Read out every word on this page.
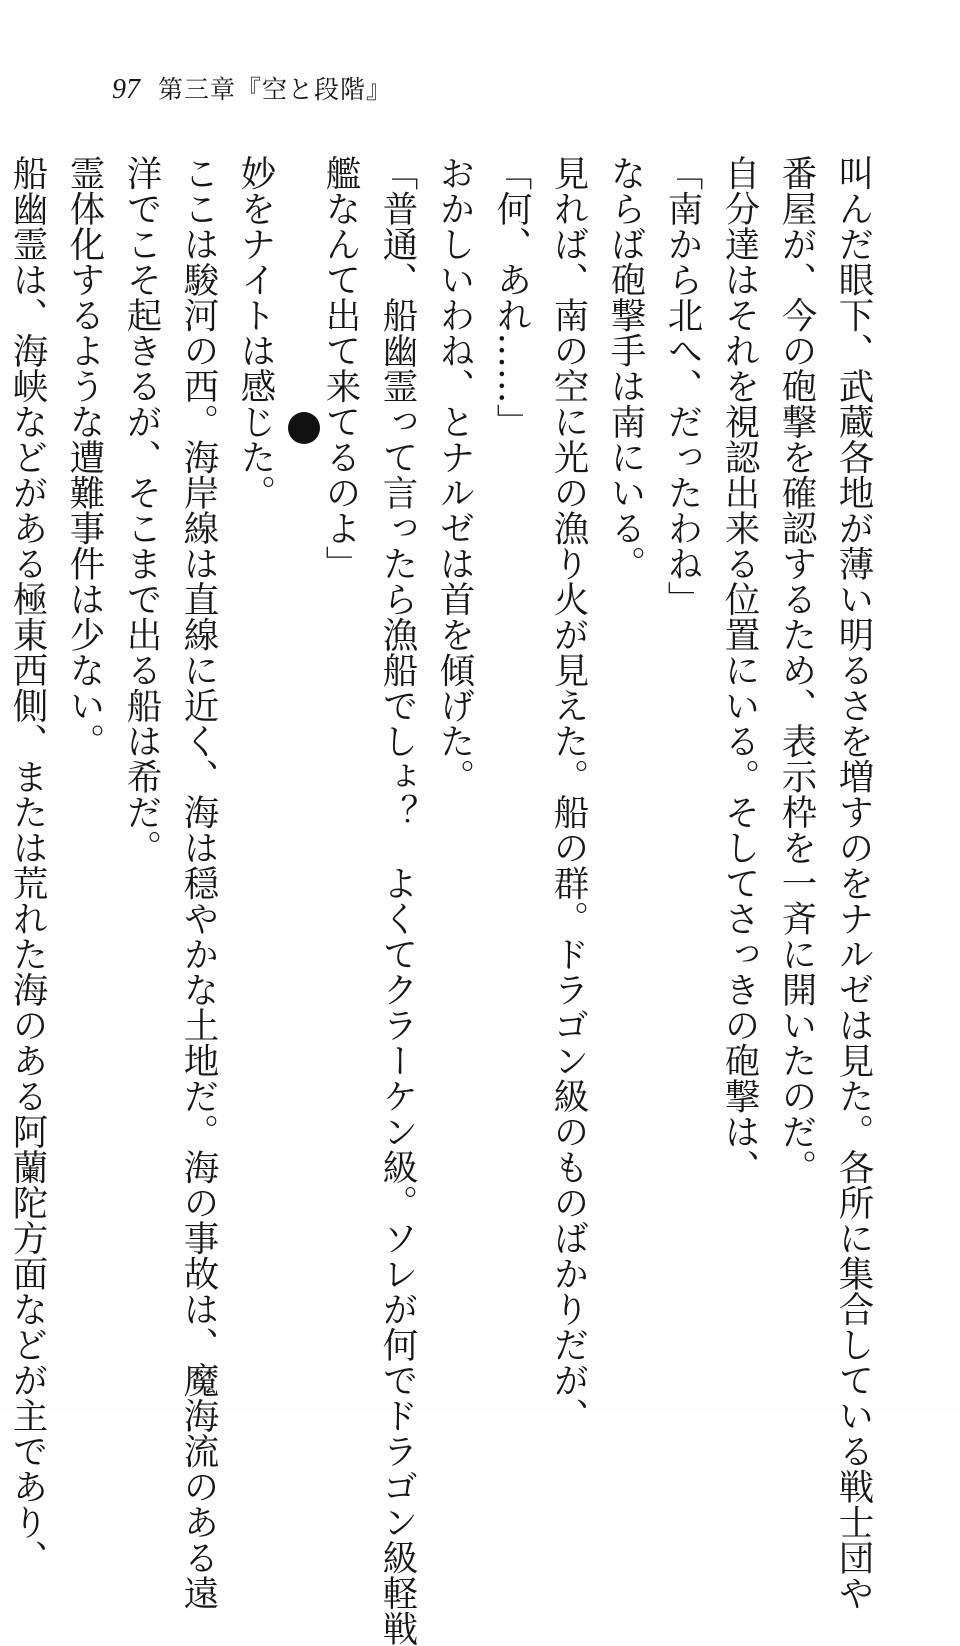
97 第三章『空と段階』

叫んだ眼下、武蔵各地が薄い明るさを増すのをナルゼは見た。各所に集合している戦士団や

番屋が、今の砲撃を確認するため、表示枠を一斉に開いたのだ。

自分達はそれを視認出来る位置にいる。そしてさっきの砲撃は、

「南から北へ、だったわね」

ならば砲撃手は南にいる。

見れば、南の空に光の漁り火が見えた。船の群。ドラゴン級のものばかりだが、

「何、あれ……」

おかしいわね、とナルゼは首を傾げた。

「普通、船幽霊って言ったら漁船でしょ？　よくてクラーケン級。ソレが何でドラゴン級軽戦

艦なんて出て来てるのよ」

妙をナイトは感じた。

ここは駿河の西。海岸線は直線に近く、海は穏やかな土地だ。海の事故は、魔海流のある遠

洋でこそ起きるが、そこまで出る船は希だ。

霊体化するような遭難事件は少ない。

船幽霊は、海峡などがある極東西側、または荒れた海のある阿蘭陀方面などが主であり、
